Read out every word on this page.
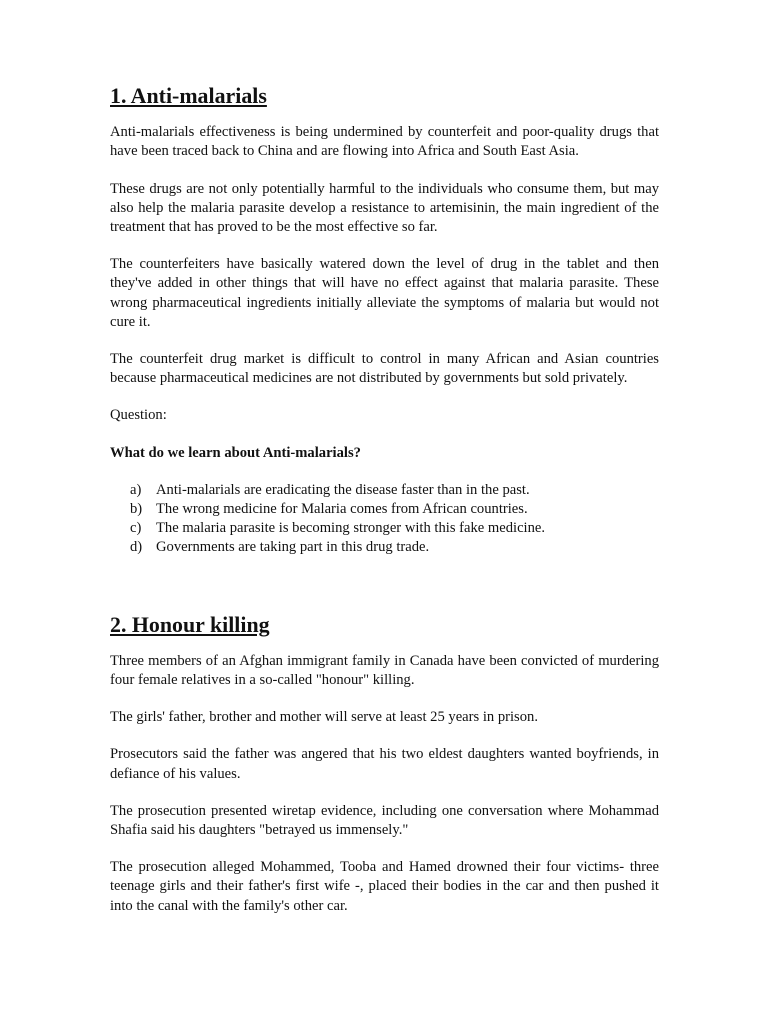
1. Anti-malarials

Anti-malarials effectiveness is being undermined by counterfeit and poor-quality drugs that have been traced back to China and are flowing into Africa and South East Asia.

These drugs are not only potentially harmful to the individuals who consume them, but may also help the malaria parasite develop a resistance to artemisinin, the main ingredient of the treatment that has proved to be the most effective so far.

The counterfeiters have basically watered down the level of drug in the tablet and then they've added in other things that will have no effect against that malaria parasite. These wrong pharmaceutical ingredients initially alleviate the symptoms of malaria but would not cure it.

The counterfeit drug market is difficult to control in many African and Asian countries because pharmaceutical medicines are not distributed by governments but sold privately.

Question:

What do we learn about Anti-malarials?

a)	Anti-malarials are eradicating the disease faster than in the past.
b) The wrong medicine for Malaria comes from African countries.
c)	The malaria parasite is becoming stronger with this fake medicine.
d) Governments are taking part in this drug trade.
2. Honour killing

Three members of an Afghan immigrant family in Canada have been convicted of murdering four female relatives in a so-called "honour" killing.

The girls' father, brother and mother will serve at least 25 years in prison.

Prosecutors said the father was angered that his two eldest daughters wanted boyfriends, in defiance of his values.

The prosecution presented wiretap evidence, including one conversation where Mohammad Shafia said his daughters "betrayed us immensely."

The prosecution alleged Mohammed, Tooba and Hamed drowned their four victims- three teenage girls and their father's first wife -, placed their bodies in the car and then pushed it into the canal with the family's other car.
